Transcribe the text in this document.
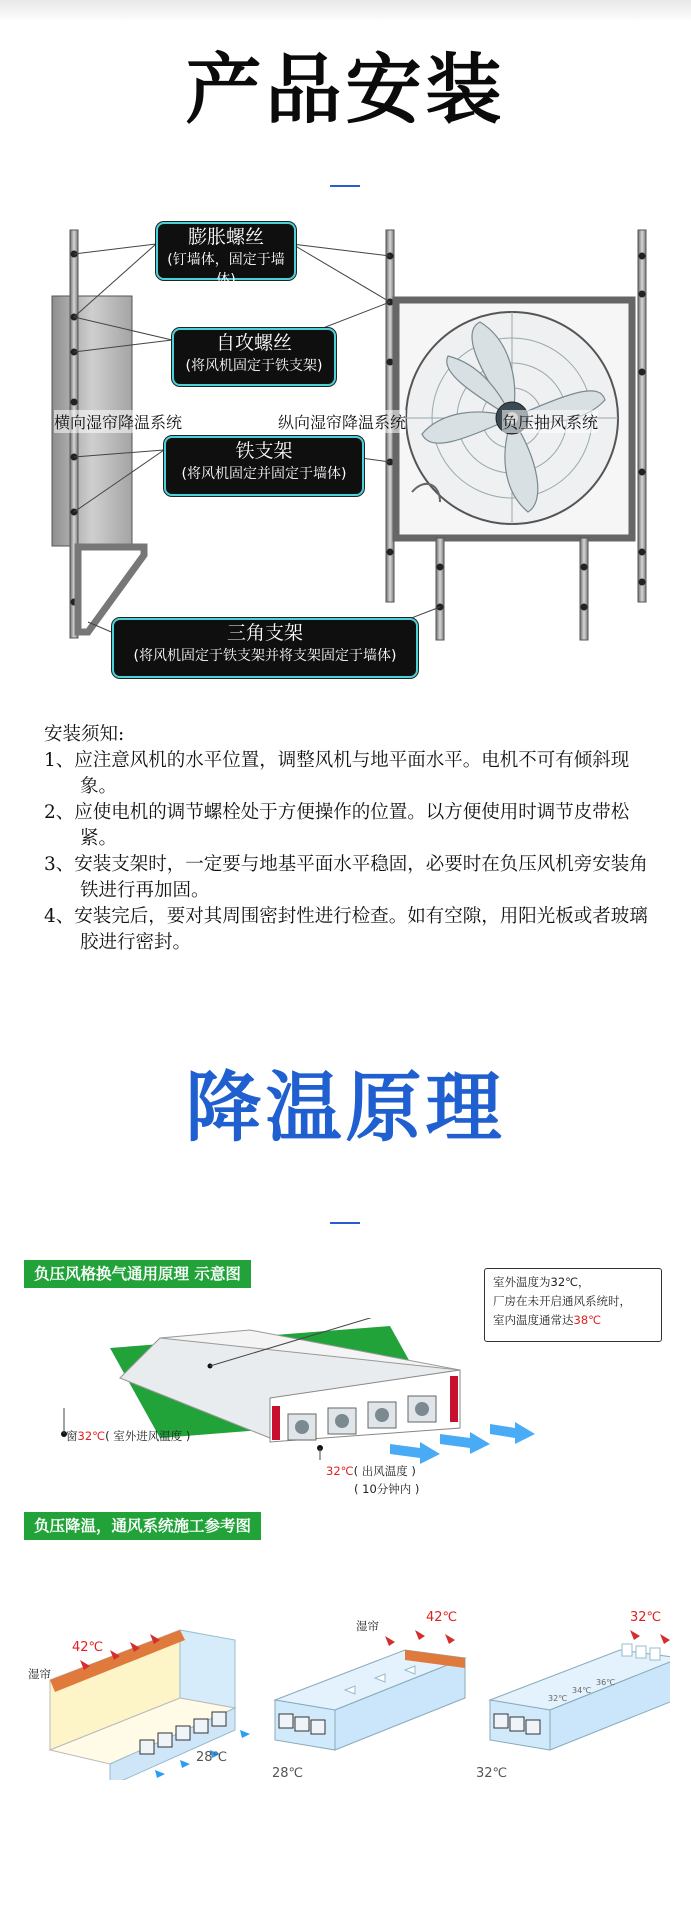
产品安装
膨胀螺丝
(钉墙体，固定于墙体)
自攻螺丝
(将风机固定于铁支架)
铁支架
(将风机固定并固定于墙体)
三角支架
(将风机固定于铁支架并将支架固定于墙体)
横向湿帘降温系统	纵向湿帘降温系统	负压抽风系统
安装须知:
1、应注意风机的水平位置，调整风机与地平面水平。电机不可有倾斜现象。
2、应使电机的调节螺栓处于方便操作的位置。以方便使用时调节皮带松紧。
3、安装支架时，一定要与地基平面水平稳固，必要时在负压风机旁安装角铁进行再加固。
4、安装完后，要对其周围密封性进行检查。如有空隙，用阳光板或者玻璃胶进行密封。
降温原理
负压风格换气通用原理 示意图	室外温度为32℃，
厂房在未开启通风系统时，
室内温度通常达38℃
窗32℃( 室外进风温度 )
32℃( 出风温度 )
( 10分钟内 )
负压降温，通风系统施工参考图
湿帘
42℃
28℃
湿帘
42℃
28℃
32℃
32℃
32℃
34℃
36℃
